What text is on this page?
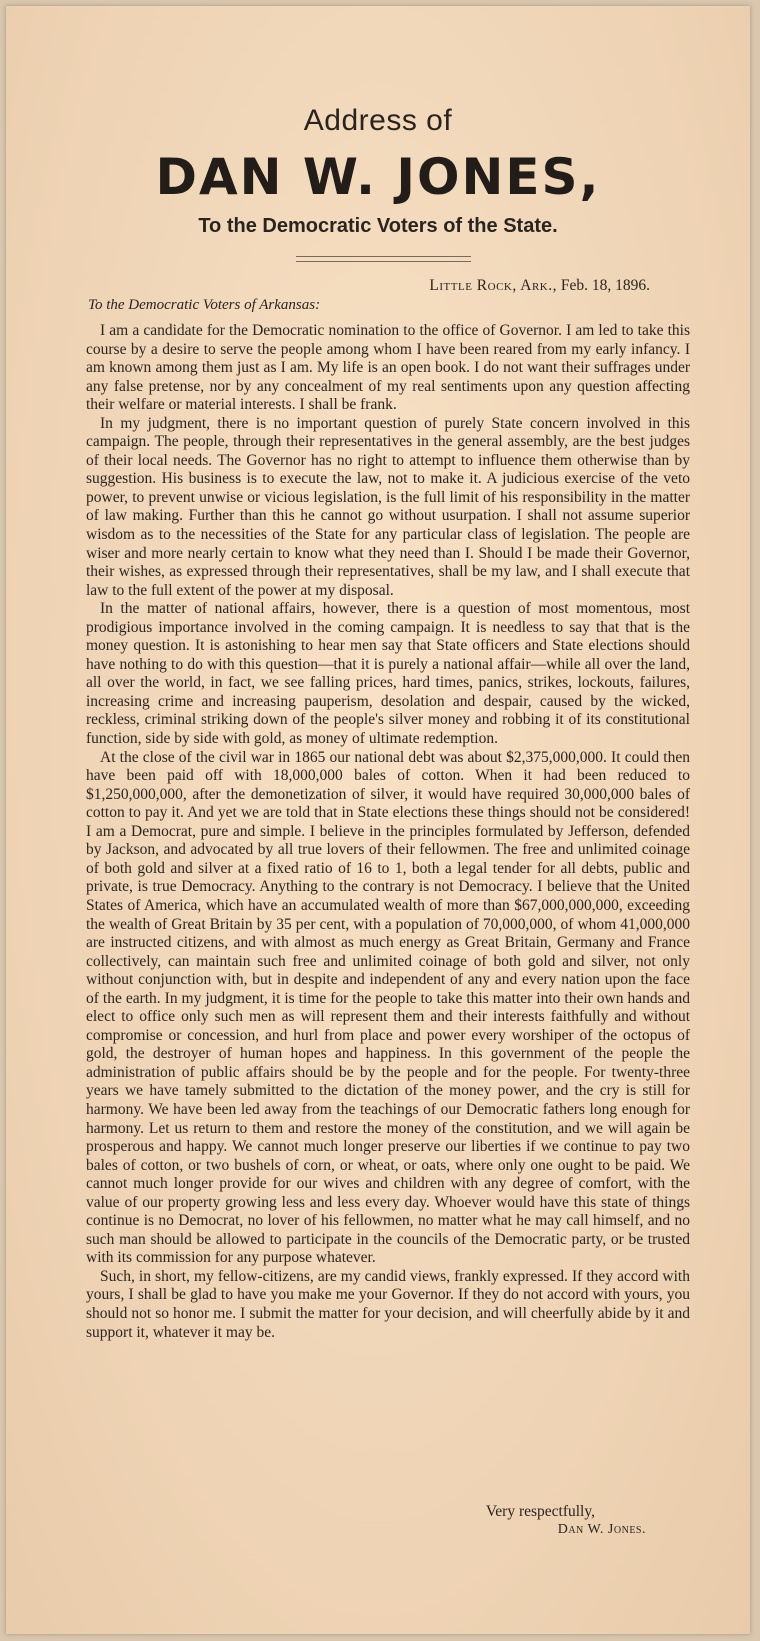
Address of
DAN W. JONES,
To the Democratic Voters of the State.
Little Rock, Ark., Feb. 18, 1896.
To the Democratic Voters of Arkansas:

I am a candidate for the Democratic nomination to the office of Governor. I am led to take this course by a desire to serve the people among whom I have been reared from my early infancy. I am known among them just as I am. My life is an open book. I do not want their suffrages under any false pretense, nor by any concealment of my real sentiments upon any question affecting their welfare or material interests. I shall be frank.

In my judgment, there is no important question of purely State concern involved in this campaign. The people, through their representatives in the general assembly, are the best judges of their local needs. The Governor has no right to attempt to influence them otherwise than by suggestion. His business is to execute the law, not to make it. A judicious exercise of the veto power, to prevent unwise or vicious legislation, is the full limit of his responsibility in the matter of law making. Further than this he cannot go without usurpation. I shall not assume superior wisdom as to the necessities of the State for any particular class of legislation. The people are wiser and more nearly certain to know what they need than I. Should I be made their Governor, their wishes, as expressed through their representatives, shall be my law, and I shall execute that law to the full extent of the power at my disposal.

In the matter of national affairs, however, there is a question of most momentous, most prodigious importance involved in the coming campaign. It is needless to say that that is the money question. It is astonishing to hear men say that State officers and State elections should have nothing to do with this question—that it is purely a national affair—while all over the land, all over the world, in fact, we see falling prices, hard times, panics, strikes, lockouts, failures, increasing crime and increasing pauperism, desolation and despair, caused by the wicked, reckless, criminal striking down of the people's silver money and robbing it of its constitutional function, side by side with gold, as money of ultimate redemption.

At the close of the civil war in 1865 our national debt was about $2,375,000,000. It could then have been paid off with 18,000,000 bales of cotton. When it had been reduced to $1,250,000,000, after the demonetization of silver, it would have required 30,000,000 bales of cotton to pay it. And yet we are told that in State elections these things should not be considered! I am a Democrat, pure and simple. I believe in the principles formulated by Jefferson, defended by Jackson, and advocated by all true lovers of their fellowmen. The free and unlimited coinage of both gold and silver at a fixed ratio of 16 to 1, both a legal tender for all debts, public and private, is true Democracy. Anything to the contrary is not Democracy. I believe that the United States of America, which have an accumulated wealth of more than $67,000,000,000, exceeding the wealth of Great Britain by 35 per cent, with a population of 70,000,000, of whom 41,000,000 are instructed citizens, and with almost as much energy as Great Britain, Germany and France collectively, can maintain such free and unlimited coinage of both gold and silver, not only without conjunction with, but in despite and independent of any and every nation upon the face of the earth. In my judgment, it is time for the people to take this matter into their own hands and elect to office only such men as will represent them and their interests faithfully and without compromise or concession, and hurl from place and power every worshiper of the octopus of gold, the destroyer of human hopes and happiness. In this government of the people the administration of public affairs should be by the people and for the people. For twenty-three years we have tamely submitted to the dictation of the money power, and the cry is still for harmony. We have been led away from the teachings of our Democratic fathers long enough for harmony. Let us return to them and restore the money of the constitution, and we will again be prosperous and happy. We cannot much longer preserve our liberties if we continue to pay two bales of cotton, or two bushels of corn, or wheat, or oats, where only one ought to be paid. We cannot much longer provide for our wives and children with any degree of comfort, with the value of our property growing less and less every day. Whoever would have this state of things continue is no Democrat, no lover of his fellowmen, no matter what he may call himself, and no such man should be allowed to participate in the councils of the Democratic party, or be trusted with its commission for any purpose whatever.

Such, in short, my fellow-citizens, are my candid views, frankly expressed. If they accord with yours, I shall be glad to have you make me your Governor. If they do not accord with yours, you should not so honor me. I submit the matter for your decision, and will cheerfully abide by it and support it, whatever it may be.

Very respectfully,
Dan W. Jones.
